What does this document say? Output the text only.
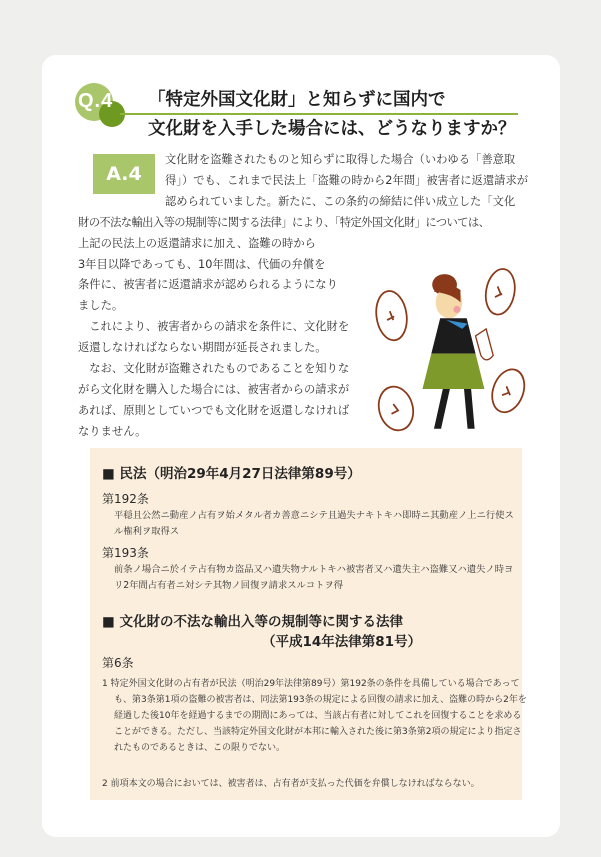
Q.4	「特定外国文化財」と知らずに国内で
文化財を入手した場合には、どうなりますか？
A.4

文化財を盗難されたものと知らずに取得した場合（いわゆる「善意取

得」）でも、これまで民法上「盗難の時から2年間」被害者に返還請求が

認められていました。新たに、この条約の締結に伴い成立した「文化

財の不法な輸出入等の規制等に関する法律」により、「特定外国文化財」については、

上記の民法上の返還請求に加え、盗難の時から

3年目以降であっても、10年間は、代価の弁償を

条件に、被害者に返還請求が認められるようになり

ました。

これにより、被害者からの請求を条件に、文化財を返還しなければならない期間が延長されました。

なお、文化財が盗難されたものであることを知りながら文化財を購入した場合には、被害者からの請求があれば、原則としていつでも文化財を返還しなければなりません。

■ 民法（明治29年4月27日法律第89号）
第192条
平穏且公然ニ動産ノ占有ヲ始メタル者カ善意ニシテ且過失ナキトキハ即時ニ其動産ノ上ニ行使スル権利ヲ取得ス
第193条
前条ノ場合ニ於イテ占有物カ盗品又ハ遺失物ナルトキハ被害者又ハ遺失主ハ盗難又ハ遺失ノ時ヨリ2年間占有者ニ対シテ其物ノ回復ヲ請求スルコトヲ得
■ 文化財の不法な輸出入等の規制等に関する法律
（平成14年法律第81号）
第6条
1 特定外国文化財の占有者が民法（明治29年法律第89号）第192条の条件を具備している場合であっても、第3条第1項の盗難の被害者は、同法第193条の規定による回復の請求に加え、盗難の時から2年を経過した後10年を経過するまでの期間にあっては、当該占有者に対してこれを回復することを求めることができる。ただし、当該特定外国文化財が本邦に輸入された後に第3条第2項の規定により指定されたものであるときは、この限りでない。
2 前項本文の場合においては、被害者は、占有者が支払った代価を弁償しなければならない。
